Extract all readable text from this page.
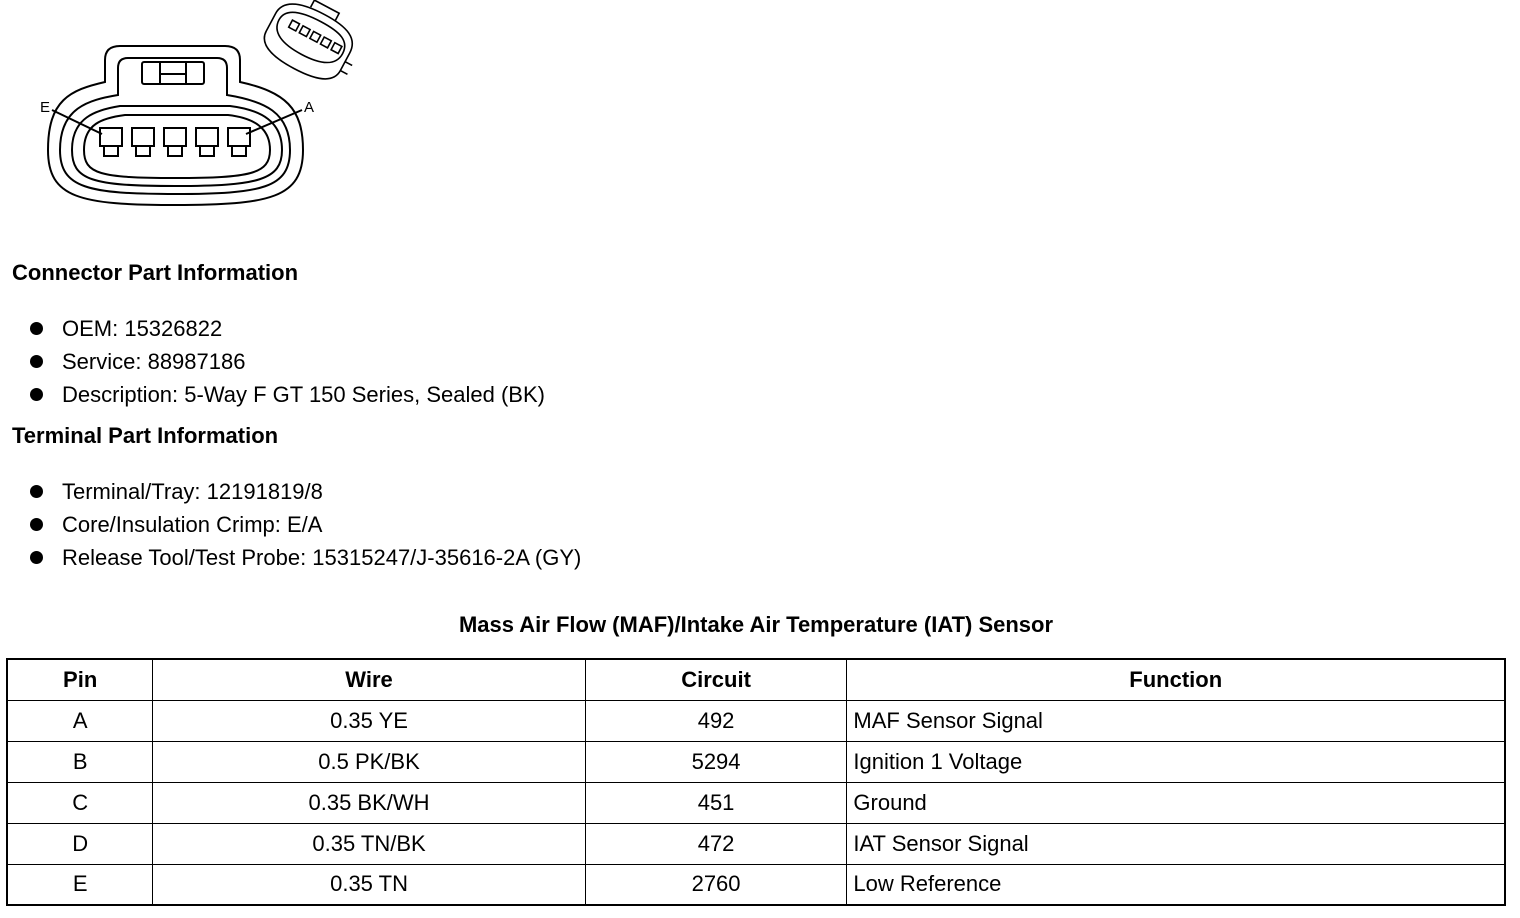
E	A
Connector Part Information
OEM: 15326822
Service: 88987186
Description: 5-Way F GT 150 Series, Sealed (BK)
Terminal Part Information
Terminal/Tray: 12191819/8
Core/Insulation Crimp: E/A
Release Tool/Test Probe: 15315247/J-35616-2A (GY)
Mass Air Flow (MAF)/Intake Air Temperature (IAT) Sensor
Pin	Wire	Circuit	Function
A	0.35 YE	492	MAF Sensor Signal
B	0.5 PK/BK	5294	Ignition 1 Voltage
C	0.35 BK/WH	451	Ground
D	0.35 TN/BK	472	IAT Sensor Signal
E	0.35 TN	2760	Low Reference
